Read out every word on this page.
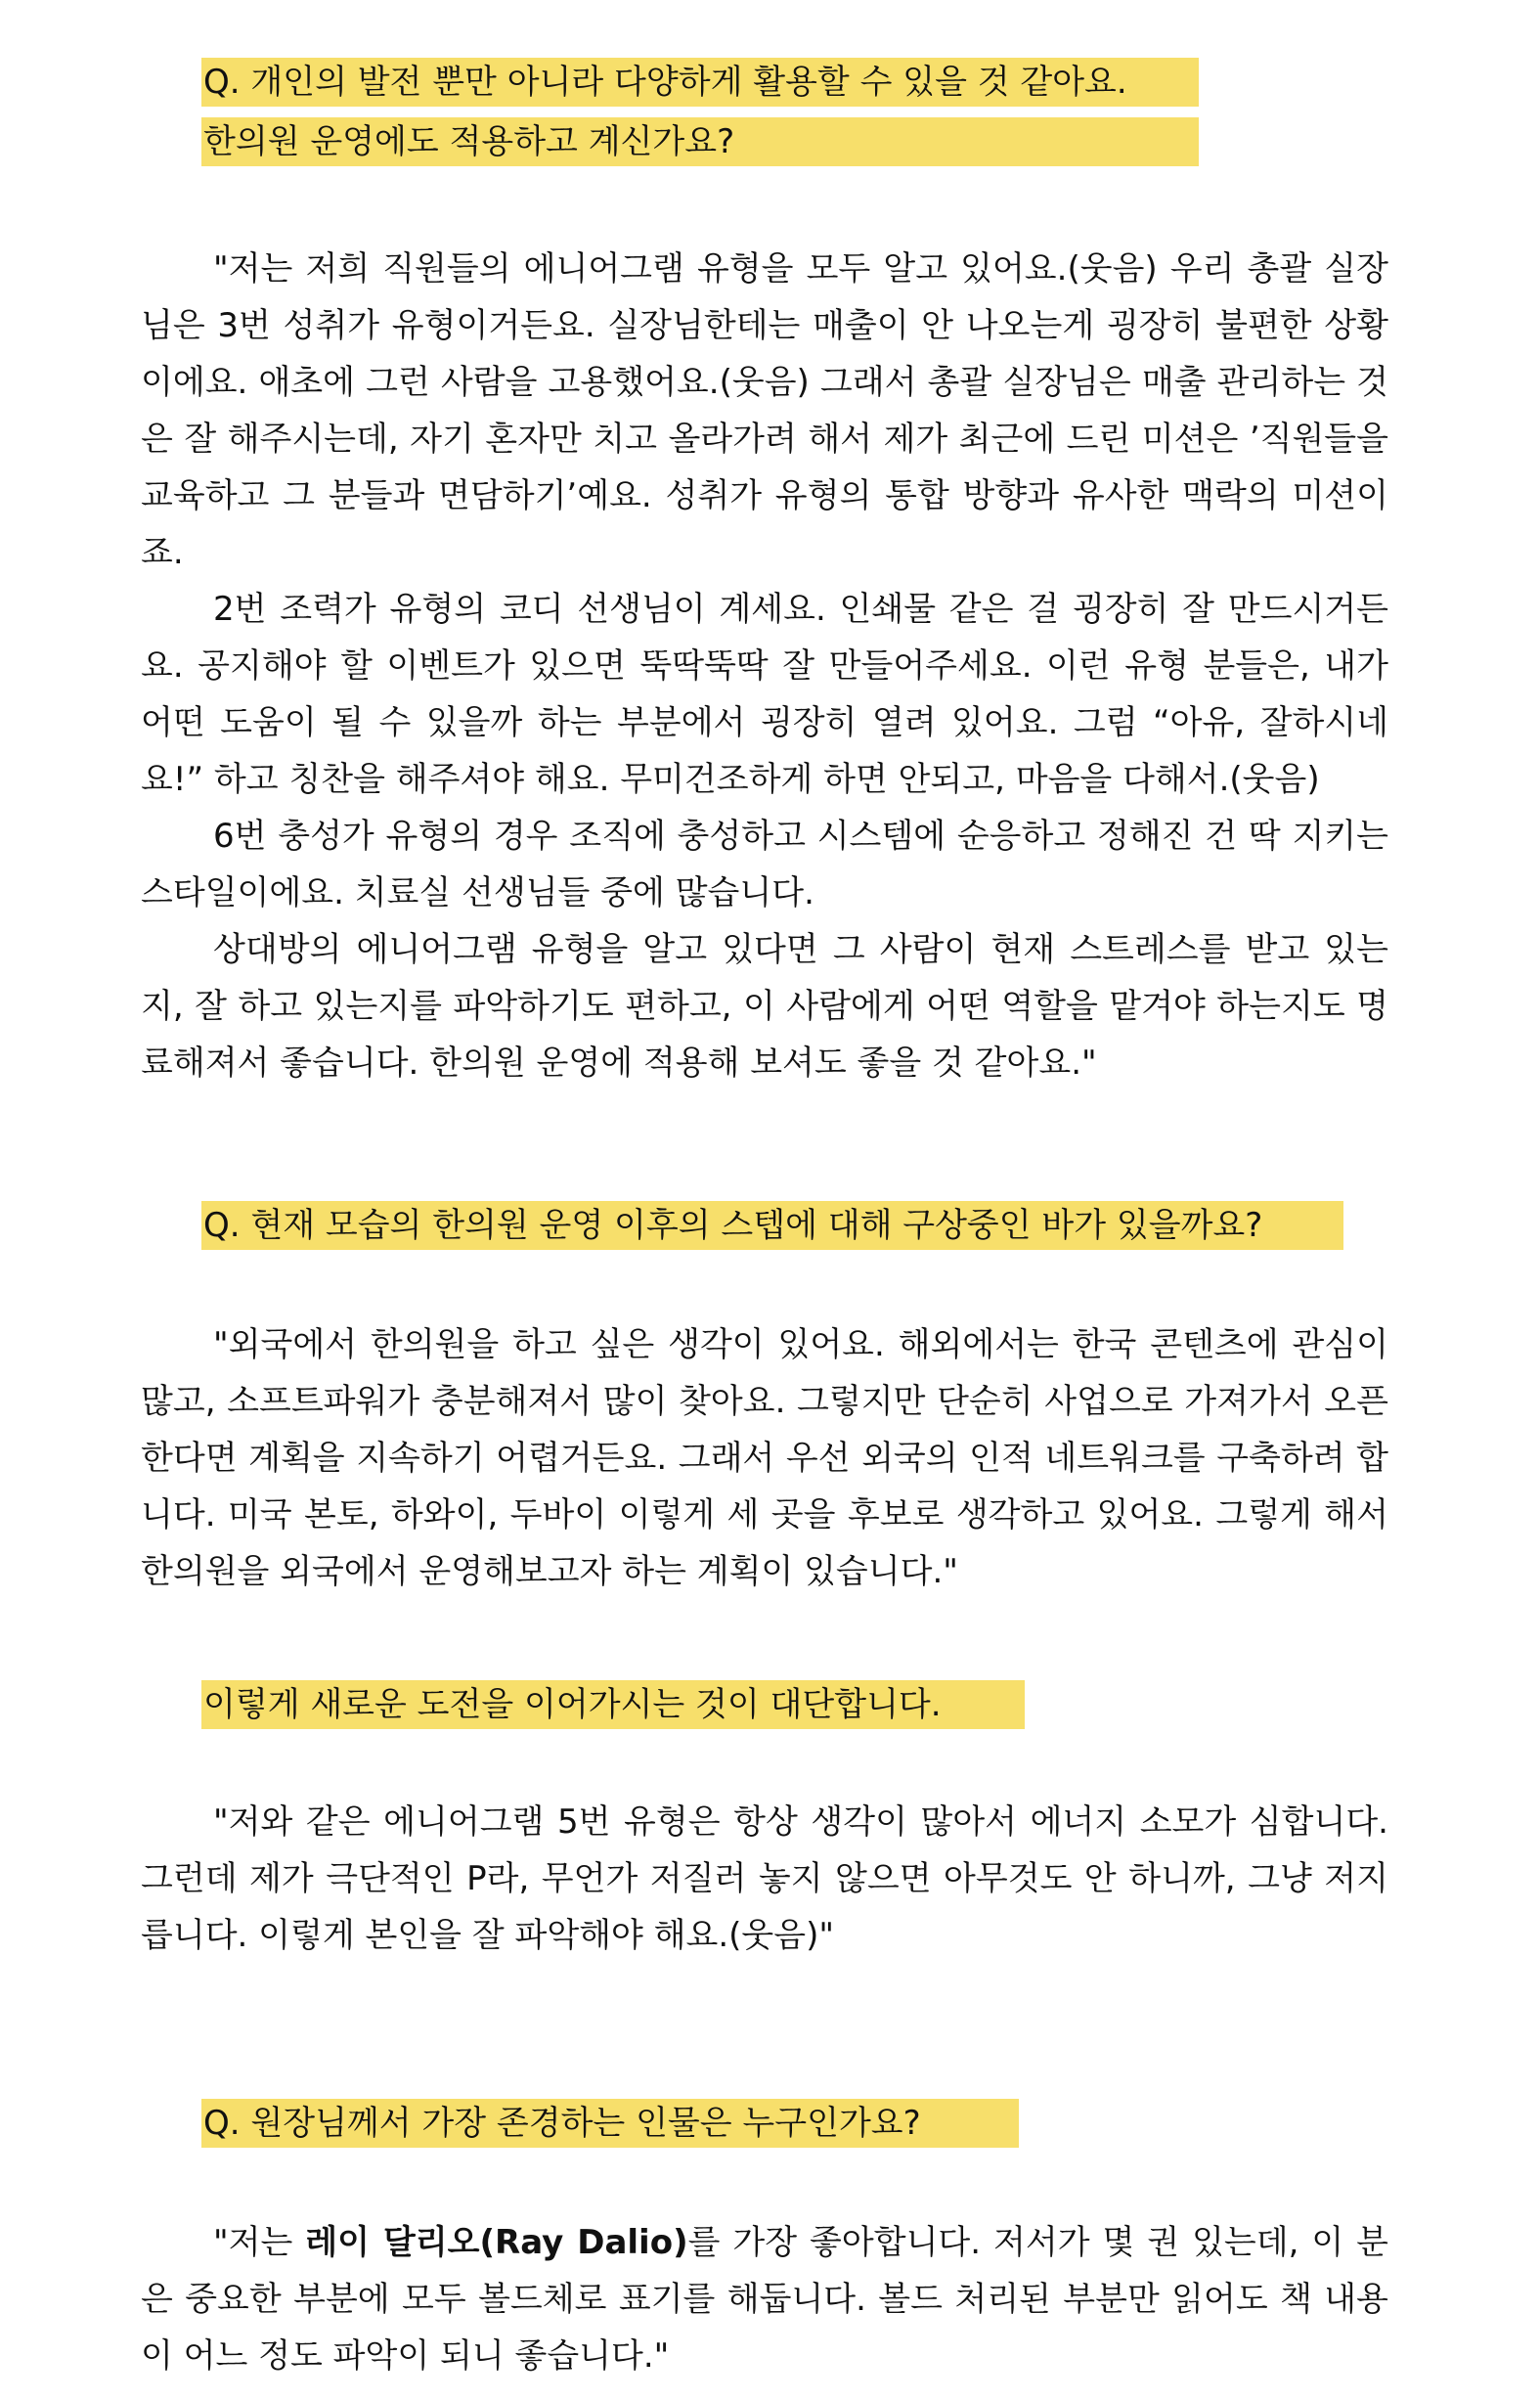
Q. 개인의 발전 뿐만 아니라 다양하게 활용할 수 있을 것 같아요.
한의원 운영에도 적용하고 계신가요?
"저는 저희 직원들의 에니어그램 유형을 모두 알고 있어요.(웃음) 우리 총괄 실장님은 3번 성취가 유형이거든요. 실장님한테는 매출이 안 나오는게 굉장히 불편한 상황이에요. 애초에 그런 사람을 고용했어요.(웃음) 그래서 총괄 실장님은 매출 관리하는 것은 잘 해주시는데, 자기 혼자만 치고 올라가려 해서 제가 최근에 드린 미션은 ’직원들을 교육하고 그 분들과 면담하기’예요. 성취가 유형의 통합 방향과 유사한 맥락의 미션이죠.
2번 조력가 유형의 코디 선생님이 계세요. 인쇄물 같은 걸 굉장히 잘 만드시거든요. 공지해야 할 이벤트가 있으면 뚝딱뚝딱 잘 만들어주세요. 이런 유형 분들은, 내가 어떤 도움이 될 수 있을까 하는 부분에서 굉장히 열려 있어요. 그럼 “아유, 잘하시네요!” 하고 칭찬을 해주셔야 해요. 무미건조하게 하면 안되고, 마음을 다해서.(웃음)
6번 충성가 유형의 경우 조직에 충성하고 시스템에 순응하고 정해진 건 딱 지키는 스타일이에요. 치료실 선생님들 중에 많습니다.
상대방의 에니어그램 유형을 알고 있다면 그 사람이 현재 스트레스를 받고 있는지, 잘 하고 있는지를 파악하기도 편하고, 이 사람에게 어떤 역할을 맡겨야 하는지도 명료해져서 좋습니다. 한의원 운영에 적용해 보셔도 좋을 것 같아요."
Q. 현재 모습의 한의원 운영 이후의 스텝에 대해 구상중인 바가 있을까요?
"외국에서 한의원을 하고 싶은 생각이 있어요. 해외에서는 한국 콘텐츠에 관심이 많고, 소프트파워가 충분해져서 많이 찾아요. 그렇지만 단순히 사업으로 가져가서 오픈한다면 계획을 지속하기 어렵거든요. 그래서 우선 외국의 인적 네트워크를 구축하려 합니다. 미국 본토, 하와이, 두바이 이렇게 세 곳을 후보로 생각하고 있어요. 그렇게 해서 한의원을 외국에서 운영해보고자 하는 계획이 있습니다."
이렇게 새로운 도전을 이어가시는 것이 대단합니다.
"저와 같은 에니어그램 5번 유형은 항상 생각이 많아서 에너지 소모가 심합니다. 그런데 제가 극단적인 P라, 무언가 저질러 놓지 않으면 아무것도 안 하니까, 그냥 저지릅니다. 이렇게 본인을 잘 파악해야 해요.(웃음)"
Q. 원장님께서 가장 존경하는 인물은 누구인가요?
"저는 레이 달리오(Ray Dalio)를 가장 좋아합니다. 저서가 몇 권 있는데, 이 분은 중요한 부분에 모두 볼드체로 표기를 해둡니다. 볼드 처리된 부분만 읽어도 책 내용이 어느 정도 파악이 되니 좋습니다."
